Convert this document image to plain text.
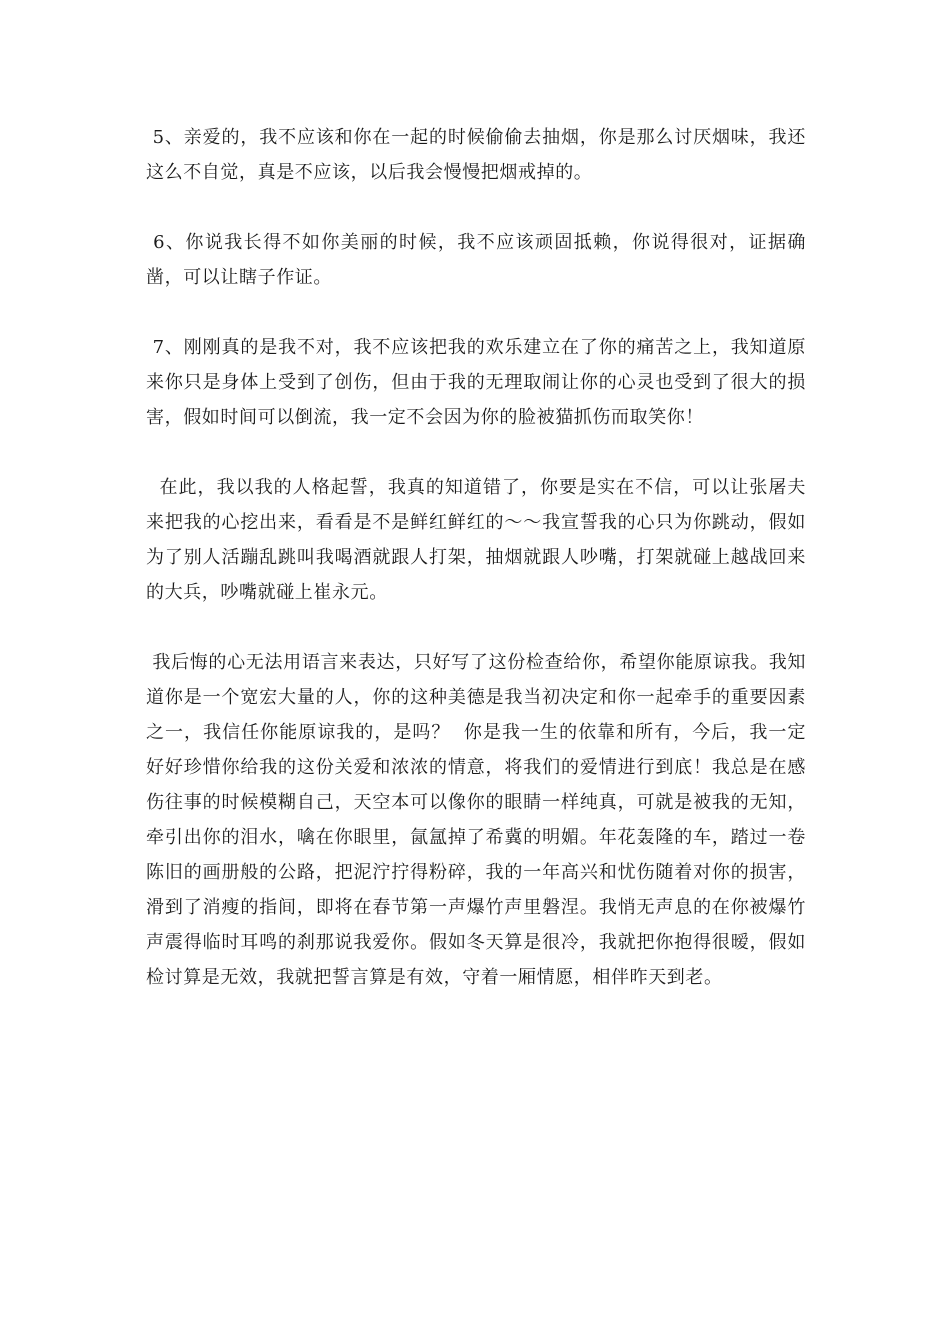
5、亲爱的，我不应该和你在一起的时候偷偷去抽烟，你是那么讨厌烟味，我还这么不自觉，真是不应该，以后我会慢慢把烟戒掉的。

6、你说我长得不如你美丽的时候，我不应该顽固抵赖，你说得很对，证据确凿，可以让瞎子作证。

7、刚刚真的是我不对，我不应该把我的欢乐建立在了你的痛苦之上，我知道原来你只是身体上受到了创伤，但由于我的无理取闹让你的心灵也受到了很大的损害，假如时间可以倒流，我一定不会因为你的脸被猫抓伤而取笑你！

在此，我以我的人格起誓，我真的知道错了，你要是实在不信，可以让张屠夫来把我的心挖出来，看看是不是鲜红鲜红的～～我宣誓我的心只为你跳动，假如为了别人活蹦乱跳叫我喝酒就跟人打架，抽烟就跟人吵嘴，打架就碰上越战回来的大兵，吵嘴就碰上崔永元。

我后悔的心无法用语言来表达，只好写了这份检查给你，希望你能原谅我。我知道你是一个宽宏大量的人，你的这种美德是我当初决定和你一起牵手的重要因素之一，我信任你能原谅我的，是吗？  你是我一生的依靠和所有，今后，我一定好好珍惜你给我的这份关爱和浓浓的情意，将我们的爱情进行到底！我总是在感伤往事的时候模糊自己，天空本可以像你的眼睛一样纯真，可就是被我的无知，牵引出你的泪水，噙在你眼里，氤氲掉了希冀的明媚。年花轰隆的车，踏过一卷陈旧的画册般的公路，把泥泞拧得粉碎，我的一年高兴和忧伤随着对你的损害，滑到了消瘦的指间，即将在春节第一声爆竹声里磐涅。我悄无声息的在你被爆竹声震得临时耳鸣的刹那说我爱你。假如冬天算是很冷，我就把你抱得很暧，假如检讨算是无效，我就把誓言算是有效，守着一厢情愿，相伴昨天到老。
